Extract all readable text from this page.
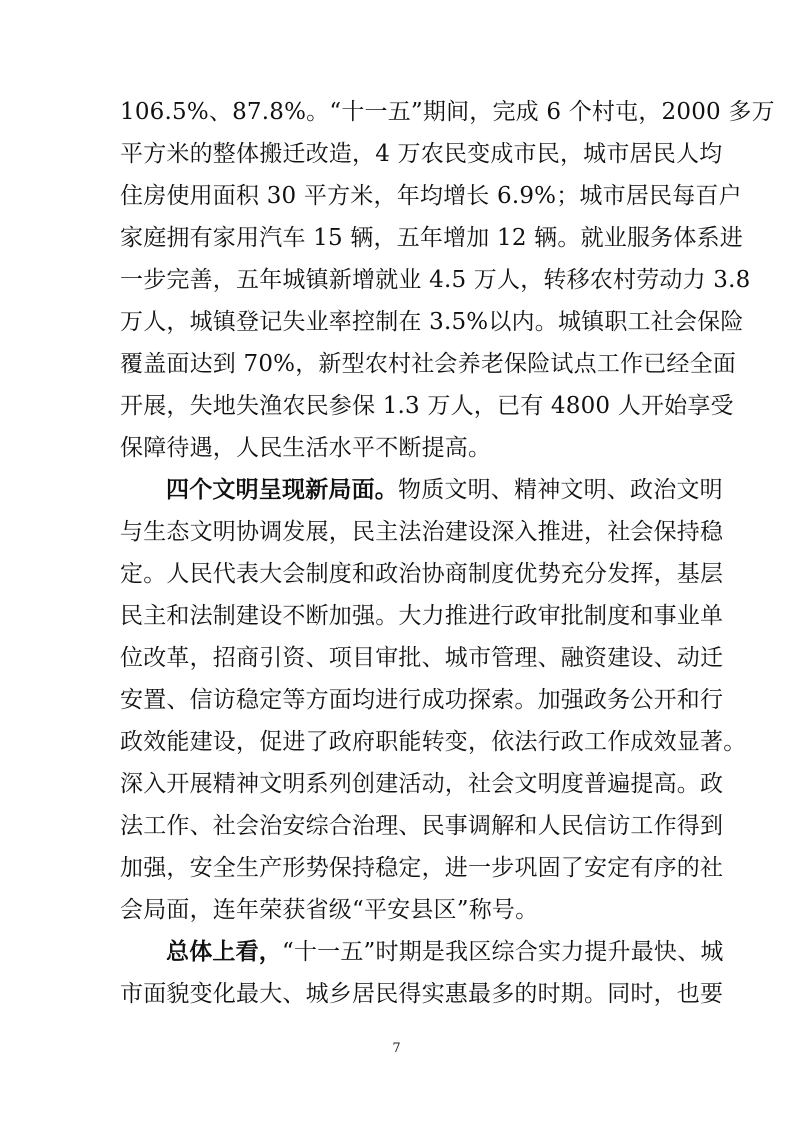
106.5%、87.8%。“十一五”期间，完成 6 个村屯，2000 多万
平方米的整体搬迁改造，4 万农民变成市民，城市居民人均
住房使用面积 30 平方米，年均增长 6.9%；城市居民每百户
家庭拥有家用汽车 15 辆，五年增加 12 辆。就业服务体系进
一步完善，五年城镇新增就业 4.5 万人，转移农村劳动力 3.8
万人，城镇登记失业率控制在 3.5%以内。城镇职工社会保险
覆盖面达到 70%，新型农村社会养老保险试点工作已经全面
开展，失地失渔农民参保 1.3 万人，已有 4800 人开始享受
保障待遇，人民生活水平不断提高。
四个文明呈现新局面。物质文明、精神文明、政治文明
与生态文明协调发展，民主法治建设深入推进，社会保持稳
定。人民代表大会制度和政治协商制度优势充分发挥，基层
民主和法制建设不断加强。大力推进行政审批制度和事业单
位改革，招商引资、项目审批、城市管理、融资建设、动迁
安置、信访稳定等方面均进行成功探索。加强政务公开和行
政效能建设，促进了政府职能转变，依法行政工作成效显著。
深入开展精神文明系列创建活动，社会文明度普遍提高。政
法工作、社会治安综合治理、民事调解和人民信访工作得到
加强，安全生产形势保持稳定，进一步巩固了安定有序的社
会局面，连年荣获省级“平安县区”称号。
总体上看，“十一五”时期是我区综合实力提升最快、城
7
市面貌变化最大、城乡居民得实惠最多的时期。同时，也要
